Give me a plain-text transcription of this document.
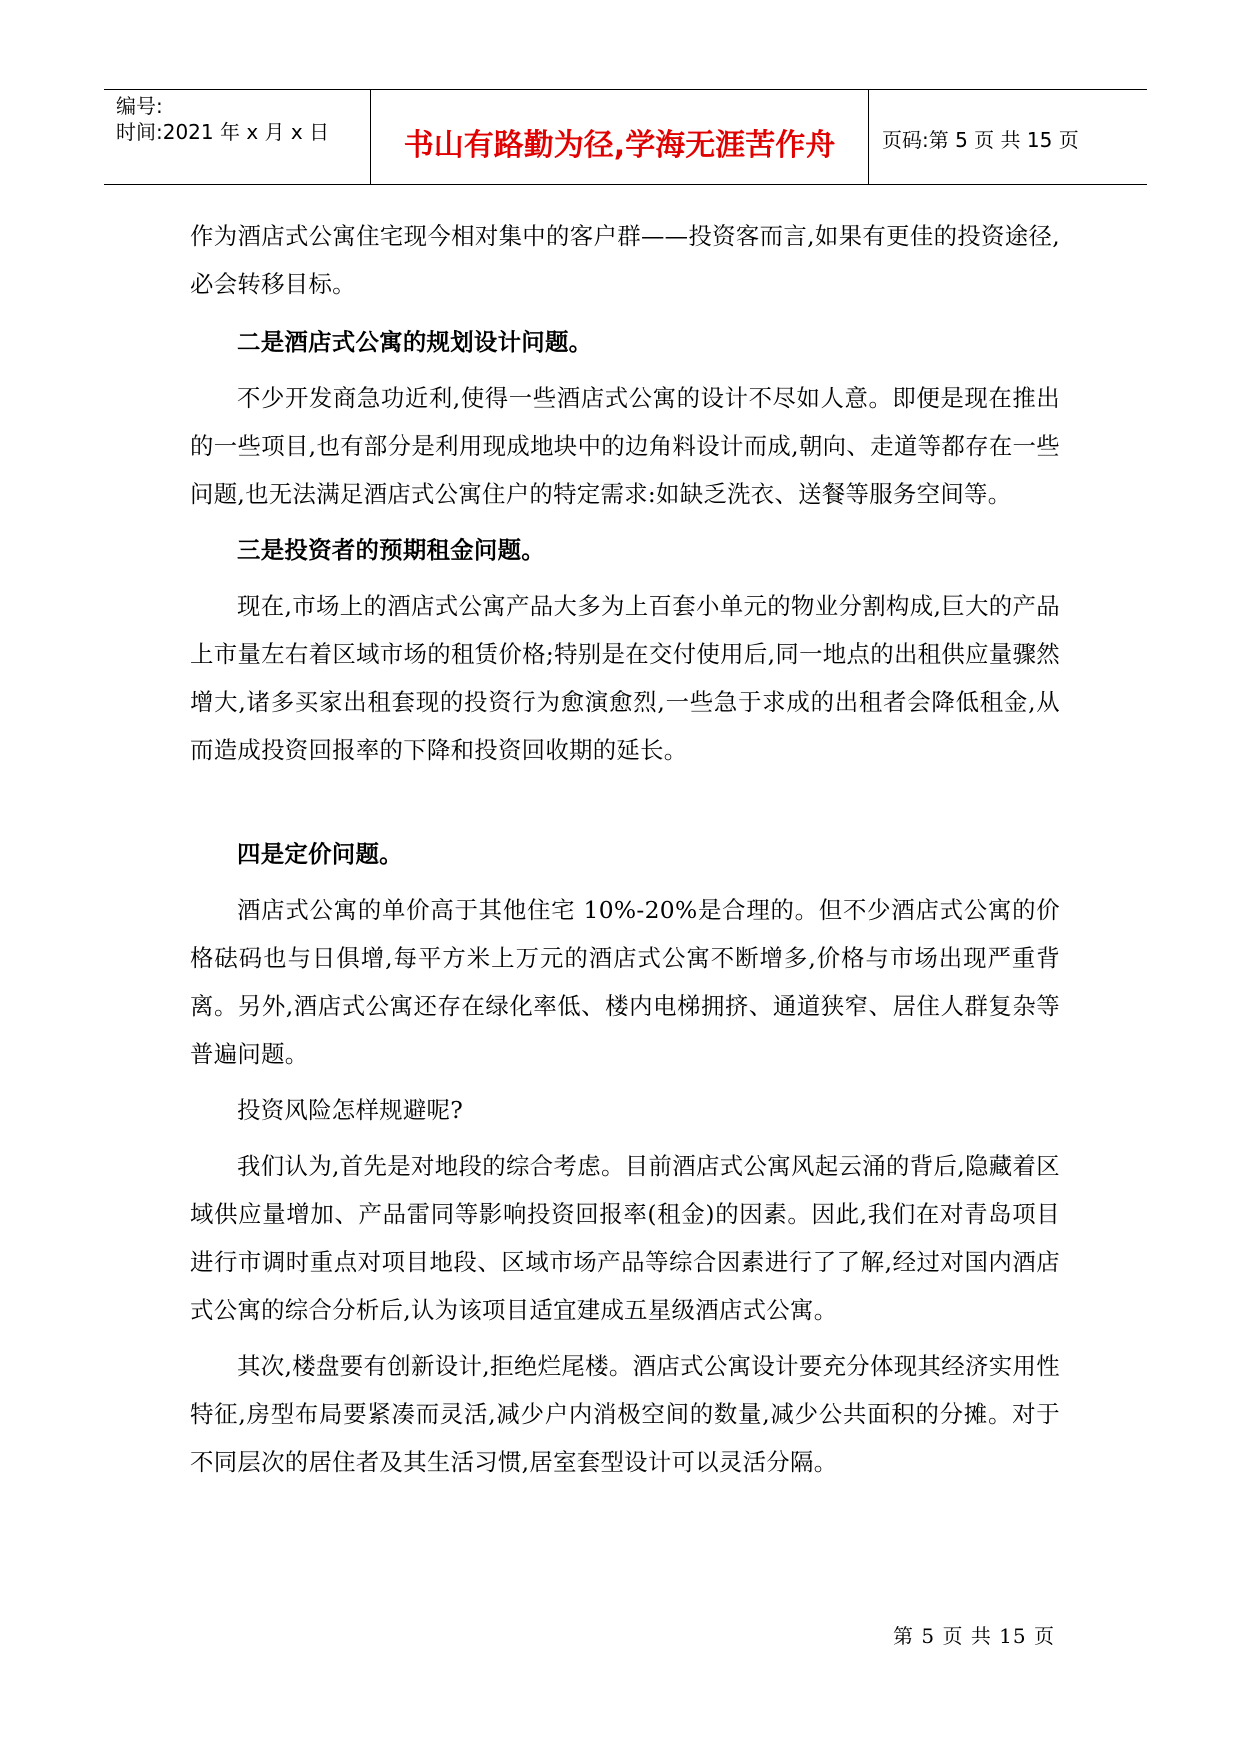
编号:
时间:2021 年 x 月 x 日	书山有路勤为径,学海无涯苦作舟	页码:第 5 页 共 15 页

作为酒店式公寓住宅现今相对集中的客户群——投资客而言,如果有更佳的投资途径,必会转移目标。

二是酒店式公寓的规划设计问题。

不少开发商急功近利,使得一些酒店式公寓的设计不尽如人意。即便是现在推出的一些项目,也有部分是利用现成地块中的边角料设计而成,朝向、走道等都存在一些问题,也无法满足酒店式公寓住户的特定需求:如缺乏洗衣、送餐等服务空间等。

三是投资者的预期租金问题。

现在,市场上的酒店式公寓产品大多为上百套小单元的物业分割构成,巨大的产品上市量左右着区域市场的租赁价格;特别是在交付使用后,同一地点的出租供应量骤然增大,诸多买家出租套现的投资行为愈演愈烈,一些急于求成的出租者会降低租金,从而造成投资回报率的下降和投资回收期的延长。

四是定价问题。

酒店式公寓的单价高于其他住宅 10%-20%是合理的。但不少酒店式公寓的价格砝码也与日俱增,每平方米上万元的酒店式公寓不断增多,价格与市场出现严重背离。另外,酒店式公寓还存在绿化率低、楼内电梯拥挤、通道狭窄、居住人群复杂等普遍问题。

投资风险怎样规避呢?

我们认为,首先是对地段的综合考虑。目前酒店式公寓风起云涌的背后,隐藏着区域供应量增加、产品雷同等影响投资回报率(租金)的因素。因此,我们在对青岛项目进行市调时重点对项目地段、区域市场产品等综合因素进行了了解,经过对国内酒店式公寓的综合分析后,认为该项目适宜建成五星级酒店式公寓。

其次,楼盘要有创新设计,拒绝烂尾楼。酒店式公寓设计要充分体现其经济实用性特征,房型布局要紧凑而灵活,减少户内消极空间的数量,减少公共面积的分摊。对于不同层次的居住者及其生活习惯,居室套型设计可以灵活分隔。

第 5 页 共 15 页
